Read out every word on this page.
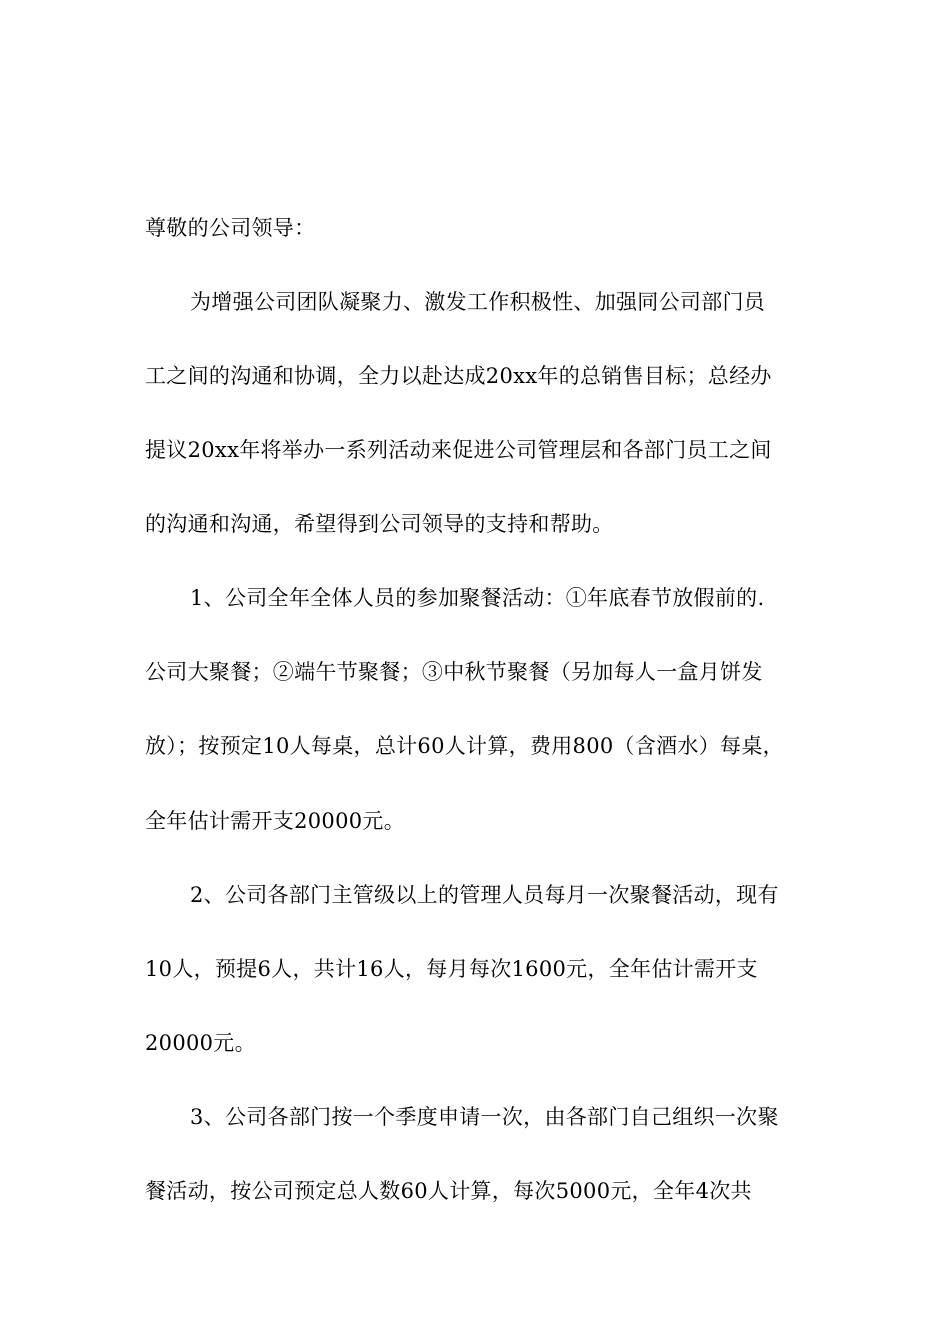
尊敬的公司领导：
为增强公司团队凝聚力、激发工作积极性、加强同公司部门员
工之间的沟通和协调，全力以赴达成20xx年的总销售目标；总经办
提议20xx年将举办一系列活动来促进公司管理层和各部门员工之间
的沟通和沟通，希望得到公司领导的支持和帮助。
1、公司全年全体人员的参加聚餐活动：①年底春节放假前的.
公司大聚餐；②端午节聚餐；③中秋节聚餐（另加每人一盒月饼发
放）；按预定10人每桌，总计60人计算，费用800（含酒水）每桌，
全年估计需开支20000元。
2、公司各部门主管级以上的管理人员每月一次聚餐活动，现有
10人，预提6人，共计16人，每月每次1600元，全年估计需开支
20000元。
3、公司各部门按一个季度申请一次，由各部门自己组织一次聚
餐活动，按公司预定总人数60人计算，每次5000元，全年4次共
